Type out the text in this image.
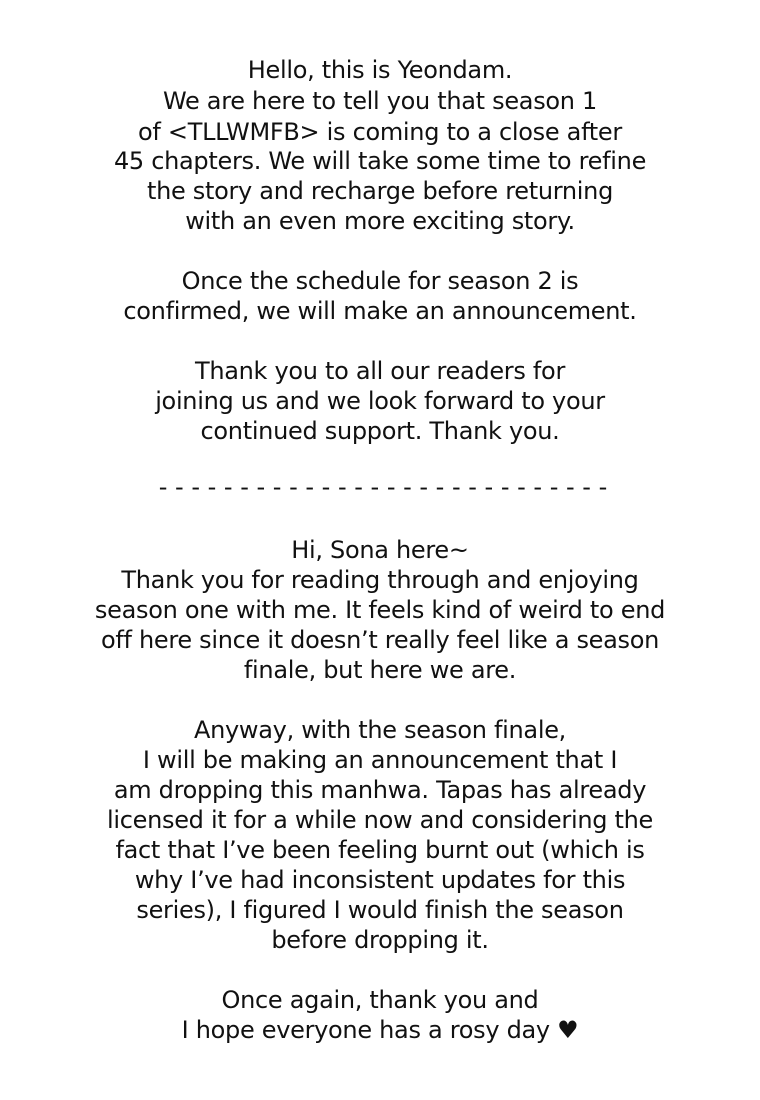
Hello, this is Yeondam.
We are here to tell you that season 1
of <TLLWMFB> is coming to a close after
45 chapters. We will take some time to refine
the story and recharge before returning
with an even more exciting story.
Once the schedule for season 2 is
confirmed, we will make an announcement.
Thank you to all our readers for
joining us and we look forward to your
continued support. Thank you.
- - - - - - - - - - - - - - - - - - - - - - - - - - - -
Hi, Sona here~
Thank you for reading through and enjoying
season one with me. It feels kind of weird to end
off here since it doesn’t really feel like a season
finale, but here we are.
Anyway, with the season finale,
I will be making an announcement that I
am dropping this manhwa. Tapas has already
licensed it for a while now and considering the
fact that I’ve been feeling burnt out (which is
why I’ve had inconsistent updates for this
series), I figured I would finish the season
before dropping it.
Once again, thank you and
I hope everyone has a rosy day ♥
